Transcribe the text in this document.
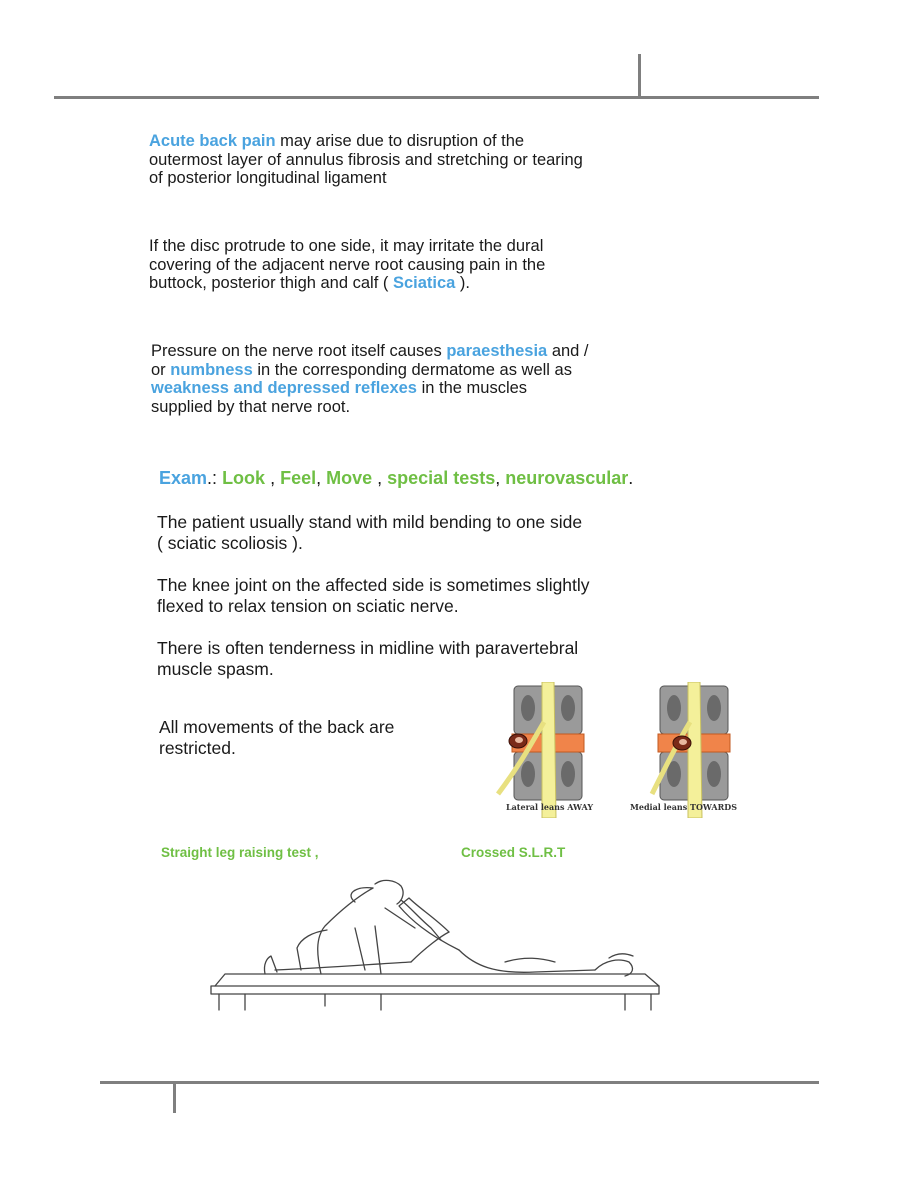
Acute back pain may arise due to disruption of the
outermost layer of annulus fibrosis and stretching or tearing
of posterior longitudinal ligament

If the disc protrude to one side, it may irritate the dural
covering of the adjacent nerve root causing pain in the
buttock, posterior thigh and calf ( Sciatica ).

Pressure on the nerve root itself causes paraesthesia and /
or numbness in the corresponding dermatome as well as
weakness and depressed reflexes in the muscles
supplied by that nerve root.

Exam.: Look , Feel, Move , special tests, neurovascular.

The patient usually stand with mild bending to one side
( sciatic scoliosis ).

The knee joint on the affected side is sometimes slightly
flexed to relax tension on sciatic nerve.

There is often tenderness in midline with paravertebral
muscle spasm.

All movements of the back are
restricted.

Lateral leans AWAY	Medial leans TOWARDS
Straight leg raising test ,	Crossed S.L.R.T
